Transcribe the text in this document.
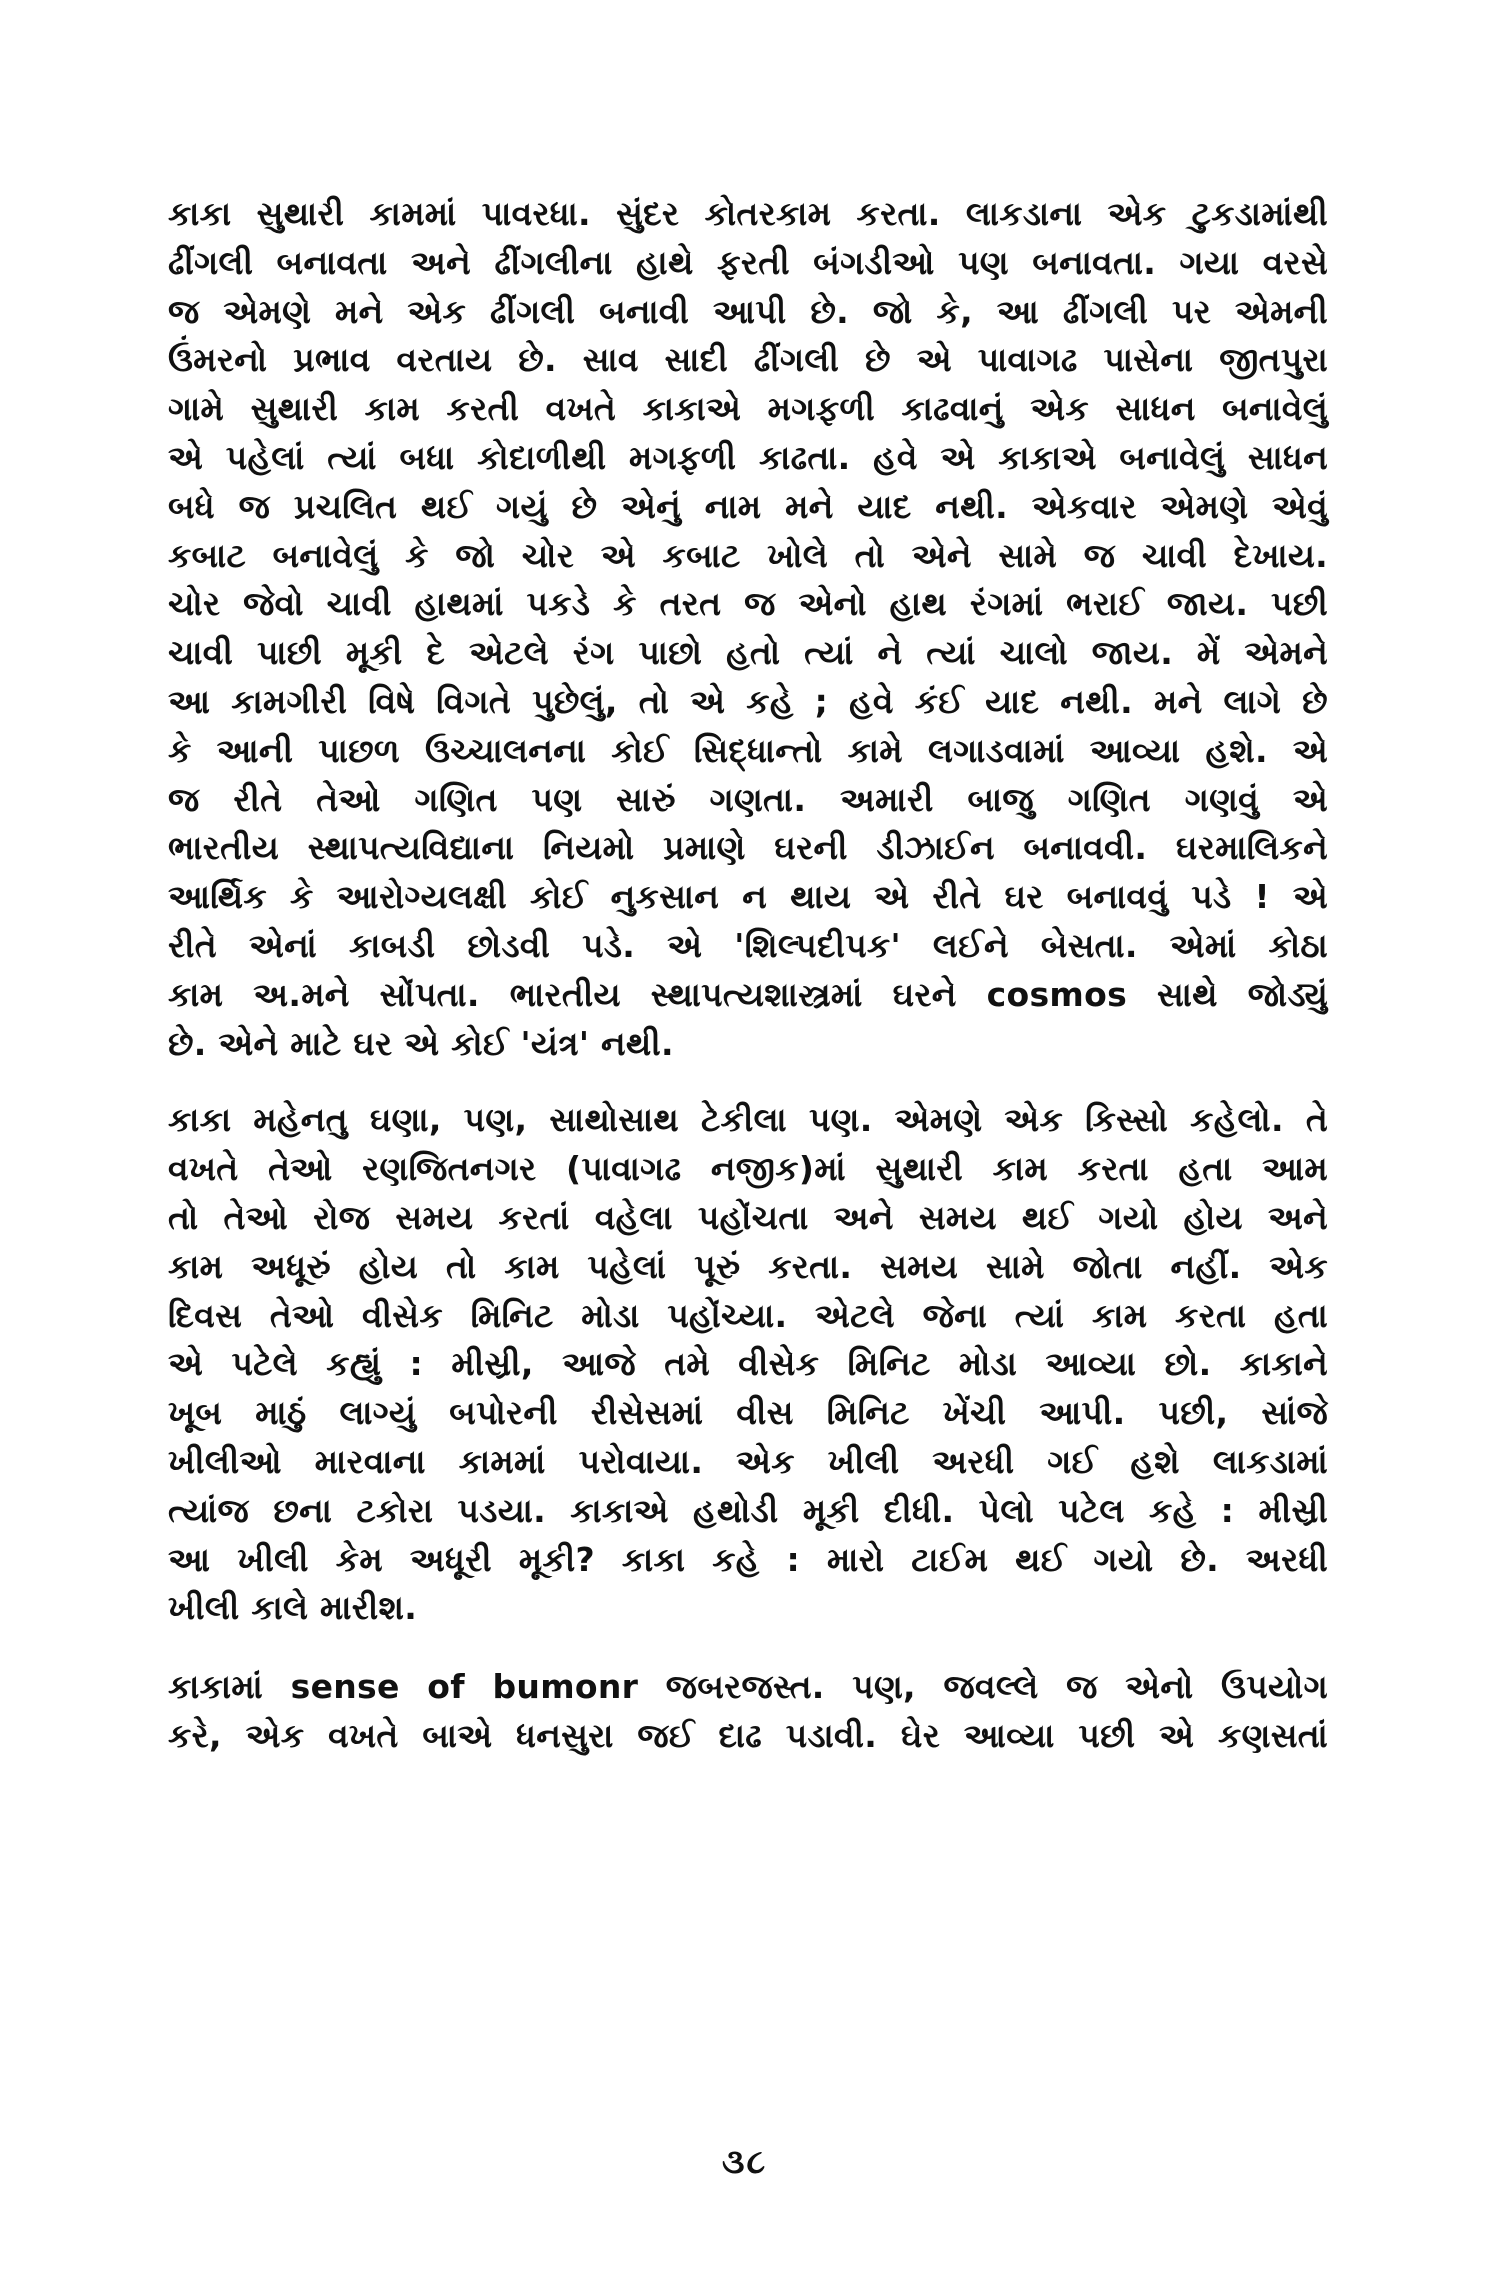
કાકા સુથારી કામમાં પાવરધા. સુંદર કોતરકામ કરતા. લાકડાના એક ટુકડામાંથી
ઢીંગલી બનાવતા અને ઢીંગલીના હાથે ફરતી બંગડીઓ પણ બનાવતા. ગયા વરસે
જ એમણે મને એક ઢીંગલી બનાવી આપી છે. જો કે, આ ઢીંગલી પર એમની
ઉંમરનો પ્રભાવ વરતાય છે. સાવ સાદી ઢીંગલી છે એ પાવાગઢ પાસેના જીતપુરા
ગામે સુથારી કામ કરતી વખતે કાકાએ મગફળી કાઢવાનું એક સાધન બનાવેલું
એ પહેલાં ત્યાં બધા કોદાળીથી મગફળી કાઢતા. હવે એ કાકાએ બનાવેલું સાધન
બધે જ પ્રચલિત થઈ ગયું છે એનું નામ મને યાદ નથી. એકવાર એમણે એવું
કબાટ બનાવેલું કે જો ચોર એ કબાટ ખોલે તો એને સામે જ ચાવી દેખાય.
ચોર જેવો ચાવી હાથમાં પકડે કે તરત જ એનો હાથ રંગમાં ભરાઈ જાય. પછી
ચાવી પાછી મૂકી દે એટલે રંગ પાછો હતો ત્યાં ને ત્યાં ચાલો જાય. મેં એમને
આ કામગીરી વિષે વિગતે પુછેલું, તો એ કહે ; હવે કંઈ યાદ નથી. મને લાગે છે
કે આની પાછળ ઉચ્ચાલનના કોઈ સિદ્ધાન્તો કામે લગાડવામાં આવ્યા હશે. એ
જ રીતે તેઓ ગણિત પણ સારું ગણતા. અમારી બાજુ ગણિત ગણવું એ
ભારતીય સ્થાપત્યવિદ્યાના નિયમો પ્રમાણે ઘરની ડીઝાઈન બનાવવી. ઘરમાલિકને
આર્થિક કે આરોગ્યલક્ષી કોઈ નુકસાન ન થાય એ રીતે ઘર બનાવવું પડે ! એ
રીતે એનાં કાબડી છોડવી પડે. એ 'શિલ્પદીપક' લઈને બેસતા. એમાં કોઠા
કામ અ.મને સોંપતા. ભારતીય સ્થાપત્યશાસ્ત્રમાં ઘરને cosmos સાથે જોડ્યું
છે. એને માટે ઘર એ કોઈ 'યંત્ર' નથી.
કાકા મહેનતુ ઘણા, પણ, સાથોસાથ ટેકીલા પણ. એમણે એક કિસ્સો કહેલો. તે
વખતે તેઓ રણજિતનગર (પાવાગઢ નજીક)માં સુથારી કામ કરતા હતા આમ
તો તેઓ રોજ સમય કરતાં વહેલા પહોંચતા અને સમય થઈ ગયો હોય અને
કામ અધૂરું હોય તો કામ પહેલાં પૂરું કરતા. સમય સામે જોતા નહીં. એક
દિવસ તેઓ વીસેક મિનિટ મોડા પહોંચ્યા. એટલે જેના ત્યાં કામ કરતા હતા
એ પટેલે કહ્યું : મીસ્રી, આજે તમે વીસેક મિનિટ મોડા આવ્યા છો. કાકાને
ખૂબ માઠું લાગ્યું બપોરની રીસેસમાં વીસ મિનિટ ખેંચી આપી. પછી, સાંજે
ખીલીઓ મારવાના કામમાં પરોવાયા. એક ખીલી અરધી ગઈ હશે લાકડામાં
ત્યાંજ છના ટકોરા પડયા. કાકાએ હથોડી મૂકી દીધી. પેલો પટેલ કહે : મીસ્રી
આ ખીલી કેમ અધૂરી મૂકી? કાકા કહે : મારો ટાઈમ થઈ ગયો છે. અરધી
ખીલી કાલે મારીશ.
કાકામાં sense of bumonr જબરજસ્ત. પણ, જવલ્લે જ એનો ઉપયોગ
કરે, એક વખતે બાએ ધનસુરા જઈ દાઢ પડાવી. ઘેર આવ્યા પછી એ કણસતાં
૩૮
